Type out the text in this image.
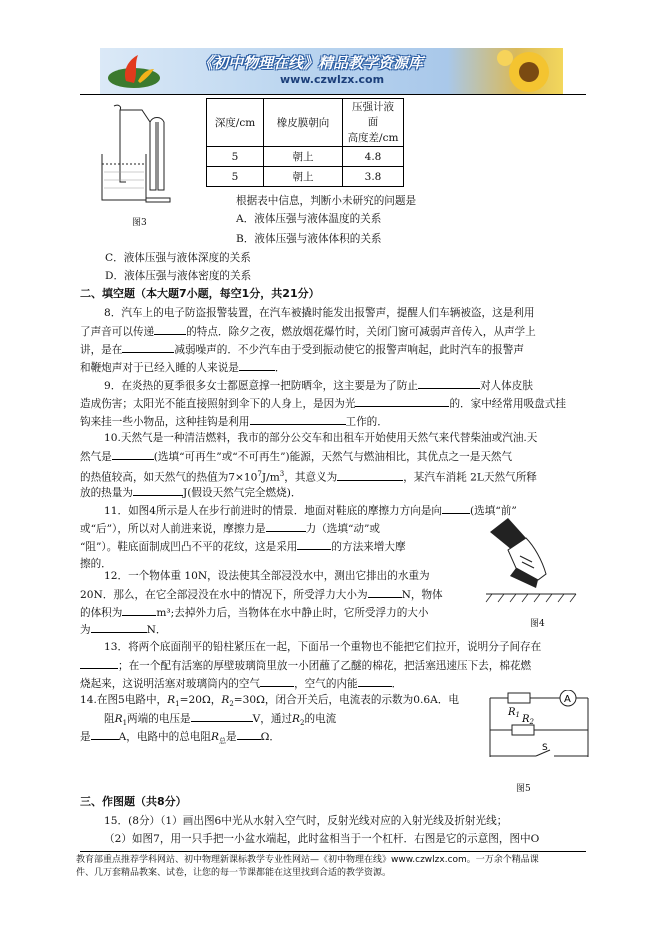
《初中物理在线》精品教学资源库
www.czwlzx.com
图3
深度/cm	橡皮膜朝向	压强计液面
		高度差/cm
5	朝上	4.8
5	朝上	3.8
根据表中信息，判断小未研究的问题是
A．液体压强与液体温度的关系
B．液体压强与液体体积的关系
C．液体压强与液体深度的关系
D．液体压强与液体密度的关系
二、填空题（本大题7小题，每空1分，共21分）
8．汽车上的电子防盗报警装置，在汽车被撬时能发出报警声，提醒人们车辆被盗，这是利用
了声音可以传递	的特点．除夕之夜，燃放烟花爆竹时，关闭门窗可减弱声音传入，从声学上
讲，是在	减弱噪声的．不少汽车由于受到振动使它的报警声响起，此时汽车的报警声
和鞭炮声对于已经入睡的人来说是	．
9．在炎热的夏季很多女士都愿意撑一把防晒伞，这主要是为了防止	对人体皮肤
造成伤害；太阳光不能直接照射到伞下的人身上，是因为光	的．家中经常用吸盘式挂
钩来挂一些小物品，这种挂钩是利用	工作的．
10.天然气是一种清洁燃料，我市的部分公交车和出租车开始使用天然气来代替柴油或汽油.天
然气是	(选填“可再生”或“不可再生”)能源，天然气与燃油相比，其优点之一是天然气
的热值较高，如天然气的热值为$7\times 10^7J/m^3$，其意义为	，某汽车消耗 2L天然气所释
放的热量为	J(假设天然气完全燃烧)．
11．如图4所示是人在步行前进时的情景．地面对鞋底的摩擦力方向是向	(选填“前”
或“后”），所以对人前进来说，摩擦力是	力（选填“动”或
“阻”）。鞋底面制成凹凸不平的花纹，这是采用	的方法来增大摩
擦的．
图4
12．一个物体重 10N，设法使其全部浸没水中，测出它排出的水重为
20N．那么，在它全部浸没在水中的情况下，所受浮力大小为	N，物体
的体积为	m³;去掉外力后，当物体在水中静止时，它所受浮力的大小
为	N．
13．将两个底面削平的铅柱紧压在一起，下面吊一个重物也不能把它们拉开，说明分子间存在
；在一个配有活塞的厚壁玻璃筒里放一小团蘸了乙醚的棉花，把活塞迅速压下去，棉花燃
烧起来，这说明活塞对玻璃筒内的空气	，空气的内能	．
14.在图5电路中，$R_1=20\Omega$，$R_2=30\Omega$，闭合开关后，电流表的示数为0.6A．电
阻$R_1$两端的电压是	V，通过$R_2$的电流
是	A，电路中的总电阻$R_总$是 Ω．
A
$R_1$ $R_2$
S
图5
三、作图题（共8分）
15．(8分）（1）画出图6中光从水射入空气时，反射光线对应的入射光线及折射光线；
（2）如图7，用一只手把一小盆水端起，此时盆相当于一个杠杆．右图是它的示意图，图中O
教育部重点推荐学科网站、初中物理新课标教学专业性网站—《初中物理在线》www.czwlzx.com。一万余个精品课
件、几万套精品教案、试卷，让您的每一节课都能在这里找到合适的教学资源。
